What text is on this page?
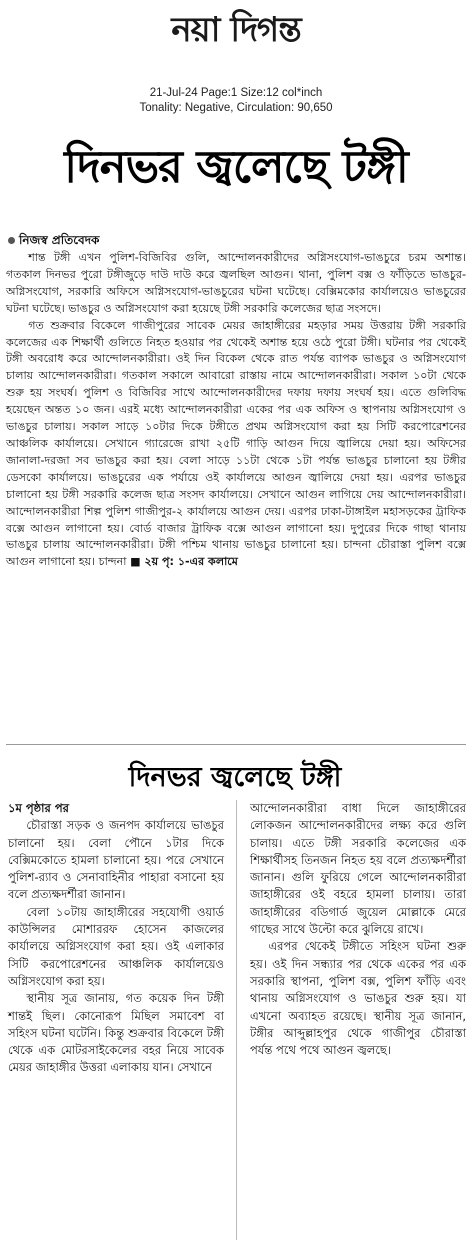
নয়া দিগন্ত
21-Jul-24 Page:1 Size:12 col*inch
Tonality: Negative, Circulation: 90,650
দিনভর জ্বলেছে টঙ্গী
নিজস্ব প্রতিবেদক

শান্ত টঙ্গী এখন পুলিশ-বিজিবির গুলি, আন্দোলনকারীদের অগ্নিসংযোগ-ভাঙচুরে চরম অশান্ত। গতকাল দিনভর পুরো টঙ্গীজুড়ে দাউ দাউ করে জ্বলছিল আগুন। থানা, পুলিশ বক্স ও ফাঁড়িতে ভাঙচুর-অগ্নিসংযোগ, সরকারি অফিসে অগ্নিসংযোগ-ভাঙচুরের ঘটনা ঘটেছে। বেক্সিমকোর কার্যালয়েও ভাঙচুরের ঘটনা ঘটেছে। ভাঙচুর ও অগ্নিসংযোগ করা হয়েছে টঙ্গী সরকারি কলেজের ছাত্র সংসদে।

গত শুক্রবার বিকেলে গাজীপুরের সাবেক মেয়র জাহাঙ্গীরের মহড়ার সময় উত্তরায় টঙ্গী সরকারি কলেজের এক শিক্ষার্থী গুলিতে নিহত হওয়ার পর থেকেই অশান্ত হয়ে ওঠে পুরো টঙ্গী। ঘটনার পর থেকেই টঙ্গী অবরোধ করে আন্দোলনকারীরা। ওই দিন বিকেল থেকে রাত পর্যন্ত ব্যাপক ভাঙচুর ও অগ্নিসংযোগ চালায় আন্দোলনকারীরা। গতকাল সকালে আবারো রাস্তায় নামে আন্দোলনকারীরা। সকাল ১০টা থেকে শুরু হয় সংঘর্ষ। পুলিশ ও বিজিবির সাথে আন্দোলনকারীদের দফায় দফায় সংঘর্ষ হয়। এতে গুলিবিদ্ধ হয়েছেন অন্তত ১০ জন। এরই মধ্যে আন্দোলনকারীরা একের পর এক অফিস ও স্থাপনায় অগ্নিসংযোগ ও ভাঙচুর চালায়। সকাল সাড়ে ১০টার দিকে টঙ্গীতে প্রথম অগ্নিসংযোগ করা হয় সিটি করপোরেশনের আঞ্চলিক কার্যালয়ে। সেখানে গ্যারেজে রাখা ২৫টি গাড়ি আগুন দিয়ে জ্বালিয়ে দেয়া হয়। অফিসের জানালা-দরজা সব ভাঙচুর করা হয়। বেলা সাড়ে ১১টা থেকে ১টা পর্যন্ত ভাঙচুর চালানো হয় টঙ্গীর ডেসকো কার্যালয়ে। ভাঙচুরের এক পর্যায়ে ওই কার্যালয়ে আগুন জ্বালিয়ে দেয়া হয়। এরপর ভাঙচুর চালানো হয় টঙ্গী সরকারি কলেজ ছাত্র সংসদ কার্যালয়ে। সেখানে আগুন লাগিয়ে দেয় আন্দোলনকারীরা। আন্দোলনকারীরা শিল্প পুলিশ গাজীপুর-২ কার্যালয়ে আগুন দেয়। এরপর ঢাকা-টাঙ্গাইল মহাসড়কের ট্রাফিক বক্সে আগুন লাগানো হয়। বোর্ড বাজার ট্রাফিক বক্সে আগুন লাগানো হয়। দুপুরের দিকে গাছা থানায় ভাঙচুর চালায় আন্দোলনকারীরা। টঙ্গী পশ্চিম থানায় ভাঙচুর চালানো হয়। চান্দনা চৌরাস্তা পুলিশ বক্সে আগুন লাগানো হয়। চান্দনা ■ ২য় পৃ: ১-এর কলামে

দিনভর জ্বলেছে টঙ্গী

১ম পৃষ্ঠার পর

চৌরাস্তা সড়ক ও জনপদ কার্যালয়ে ভাঙচুর চালানো হয়। বেলা পৌনে ১টার দিকে বেক্সিমকোতে হামলা চালানো হয়। পরে সেখানে পুলিশ-র‌্যাব ও সেনাবাহিনীর পাহারা বসানো হয় বলে প্রত্যক্ষদর্শীরা জানান।

বেলা ১০টায় জাহাঙ্গীরের সহযোগী ওয়ার্ড কাউন্সিলর মোশাররফ হোসেন কাজলের কার্যালয়ে অগ্নিসংযোগ করা হয়। ওই এলাকার সিটি করপোরেশনের আঞ্চলিক কার্যালয়েও অগ্নিসংযোগ করা হয়।

স্থানীয় সূত্র জানায়, গত কয়েক দিন টঙ্গী শান্তই ছিল। কোনোরূপ মিছিল সমাবেশ বা সহিংস ঘটনা ঘটেনি। কিন্তু শুক্রবার বিকেলে টঙ্গী থেকে এক মোটরসাইকেলের বহর নিয়ে সাবেক মেয়র জাহাঙ্গীর উত্তরা এলাকায় যান। সেখানে

আন্দোলনকারীরা বাধা দিলে জাহাঙ্গীরের লোকজন আন্দোলনকারীদের লক্ষ্য করে গুলি চালায়। এতে টঙ্গী সরকারি কলেজের এক শিক্ষার্থীসহ তিনজন নিহত হয় বলে প্রত্যক্ষদর্শীরা জানান। গুলি ফুরিয়ে গেলে আন্দোলনকারীরা জাহাঙ্গীরের ওই বহরে হামলা চালায়। তারা জাহাঙ্গীরের বডিগার্ড জুয়েল মোল্লাকে মেরে গাছের সাথে উল্টো করে ঝুলিয়ে রাখে।

এরপর থেকেই টঙ্গীতে সহিংস ঘটনা শুরু হয়। ওই দিন সন্ধ্যার পর থেকে একের পর এক সরকারি স্থাপনা, পুলিশ বক্স, পুলিশ ফাঁড়ি এবং থানায় অগ্নিসংযোগ ও ভাঙচুর শুরু হয়। যা এখনো অব্যাহত রয়েছে। স্থানীয় সূত্র জানান, টঙ্গীর আব্দুল্লাহপুর থেকে গাজীপুর চৌরাস্তা পর্যন্ত পথে পথে আগুন জ্বলছে।
